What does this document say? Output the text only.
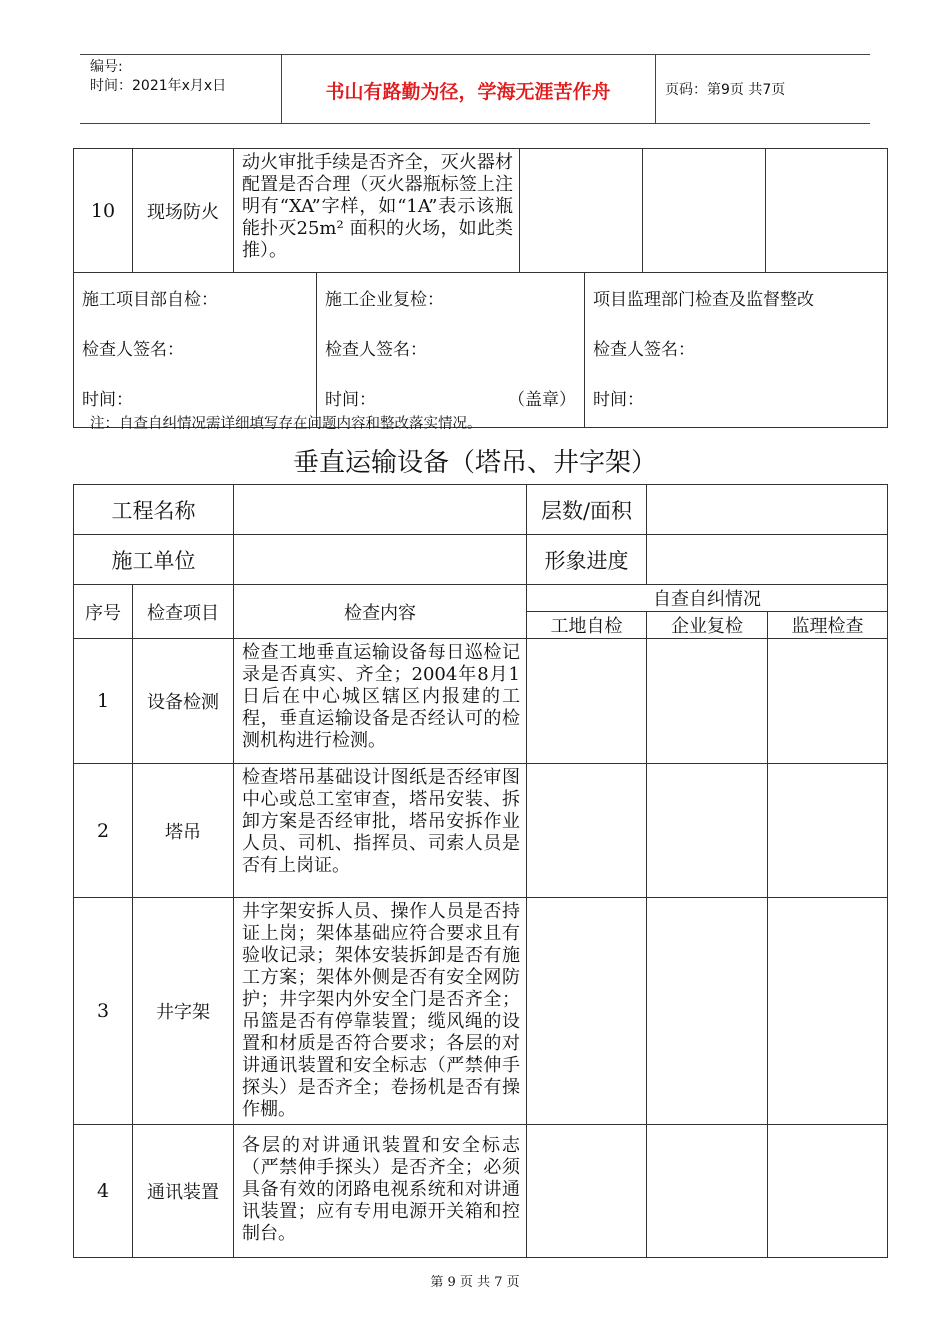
编号:
时间：2021年x月x日	书山有路勤为径，学海无涯苦作舟	页码：第9页 共7页
10	现场防火	动火审批手续是否齐全，灭火器材配置是否合理（灭火器瓶标签上注明有“XA”字样，如“1A”表示该瓶能扑灭25m² 面积的火场，如此类推）。			
施工项目部自检：
检查人签名：
时间：

施工企业复检：
检查人签名：
时间：	（盖章）

项目监理部门检查及监督整改
检查人签名：
时间：
注：自查自纠情况需详细填写存在问题内容和整改落实情况。
垂直运输设备（塔吊、井字架）
工程名称			层数/面积		
施工单位			形象进度		
序号	检查项目	检查内容	自查自纠情况		
			工地自检	企业复检	监理检查
1	设备检测	检查工地垂直运输设备每日巡检记录是否真实、齐全；2004年8月1日后在中心城区辖区内报建的工程，垂直运输设备是否经认可的检测机构进行检测。			
2	塔吊	检查塔吊基础设计图纸是否经审图中心或总工室审查，塔吊安装、拆卸方案是否经审批，塔吊安拆作业人员、司机、指挥员、司索人员是否有上岗证。			
3	井字架	井字架安拆人员、操作人员是否持证上岗；架体基础应符合要求且有验收记录；架体安装拆卸是否有施工方案；架体外侧是否有安全网防护；井字架内外安全门是否齐全；吊篮是否有停靠装置；缆风绳的设置和材质是否符合要求；各层的对讲通讯装置和安全标志（严禁伸手探头）是否齐全；卷扬机是否有操作棚。			
4	通讯装置	各层的对讲通讯装置和安全标志（严禁伸手探头）是否齐全；必须具备有效的闭路电视系统和对讲通讯装置；应有专用电源开关箱和控制台。			
第 9 页 共 7 页
